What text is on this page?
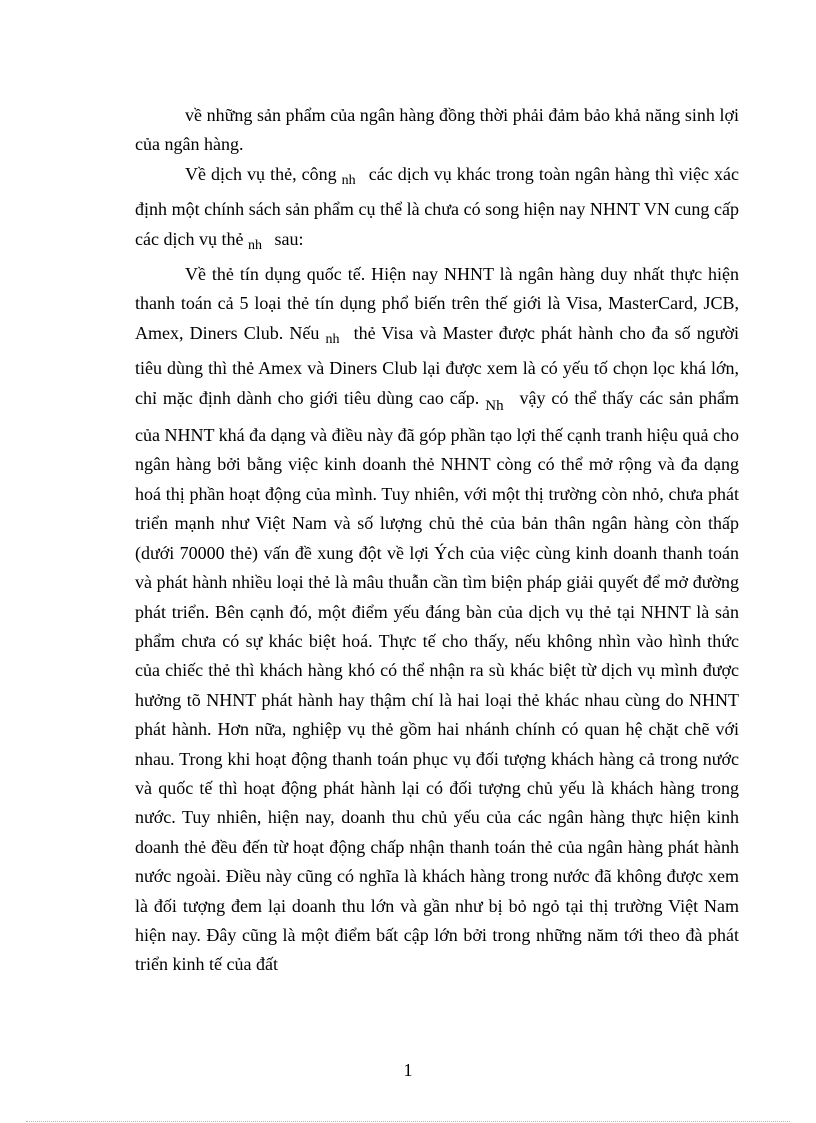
về những sản phẩm của ngân hàng đồng thời phải đảm bảo khả năng sinh lợi của ngân hàng.

Về dịch vụ thẻ, công $_{nh}$ các dịch vụ khác trong toàn ngân hàng thì việc xác định một chính sách sản phẩm cụ thể là chưa có song hiện nay NHNT VN cung cấp các dịch vụ thẻ $_{nh}$ sau:

Về thẻ tín dụng quốc tế. Hiện nay NHNT là ngân hàng duy nhất thực hiện thanh toán cả 5 loại thẻ tín dụng phổ biến trên thế giới là Visa, MasterCard, JCB, Amex, Diners Club. Nếu $_{nh}$ thẻ Visa và Master được phát hành cho đa số người tiêu dùng thì thẻ Amex và Diners Club lại được xem là có yếu tố chọn lọc khá lớn, chỉ mặc định dành cho giới tiêu dùng cao cấp. $_{Nh}$ vậy có thể thấy các sản phẩm của NHNT khá đa dạng và điều này đã góp phần tạo lợi thế cạnh tranh hiệu quả cho ngân hàng bởi bằng việc kinh doanh thẻ NHNT còng có thể mở rộng và đa dạng hoá thị phần hoạt động của mình. Tuy nhiên, với một thị trường còn nhỏ, chưa phát triển mạnh như Việt Nam và số lượng chủ thẻ của bản thân ngân hàng còn thấp (dưới 70000 thẻ) vấn đề xung đột về lợi Ých của việc cùng kinh doanh thanh toán và phát hành nhiều loại thẻ là mâu thuẫn cần tìm biện pháp giải quyết để mở đường phát triển. Bên cạnh đó, một điểm yếu đáng bàn của dịch vụ thẻ tại NHNT là sản phẩm chưa có sự khác biệt hoá. Thực tế cho thấy, nếu không nhìn vào hình thức của chiếc thẻ thì khách hàng khó có thể nhận ra sù khác biệt từ dịch vụ mình được hưởng tõ NHNT phát hành hay thậm chí là hai loại thẻ khác nhau cùng do NHNT phát hành. Hơn nữa, nghiệp vụ thẻ gồm hai nhánh chính có quan hệ chặt chẽ với nhau. Trong khi hoạt động thanh toán phục vụ đối tượng khách hàng cả trong nước và quốc tế thì hoạt động phát hành lại có đối tượng chủ yếu là khách hàng trong nước. Tuy nhiên, hiện nay, doanh thu chủ yếu của các ngân hàng thực hiện kinh doanh thẻ đều đến từ hoạt động chấp nhận thanh toán thẻ của ngân hàng phát hành nước ngoài. Điều này cũng có nghĩa là khách hàng trong nước đã không được xem là đối tượng đem lại doanh thu lớn và gần như bị bỏ ngỏ tại thị trường Việt Nam hiện nay. Đây cũng là một điểm bất cập lớn bởi trong những năm tới theo đà phát triển kinh tế của đất

1
